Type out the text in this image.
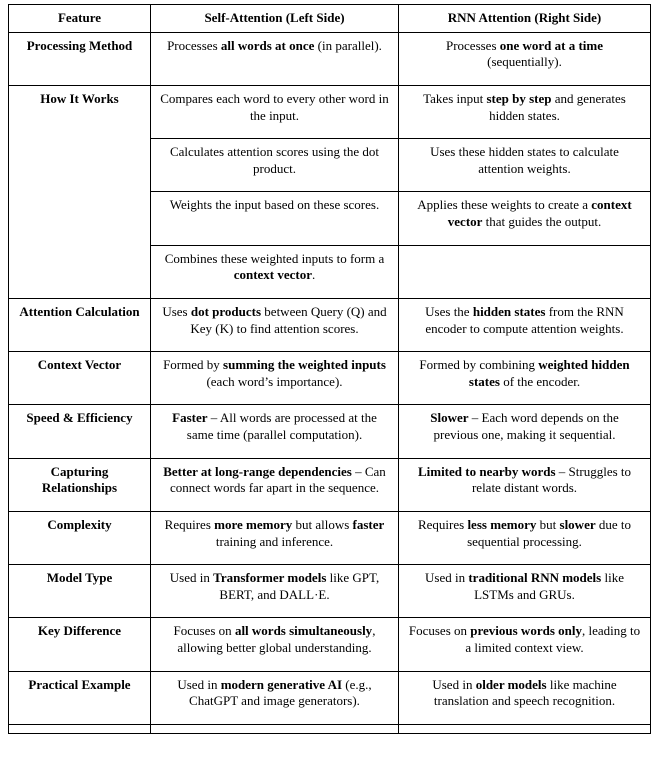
Feature	Self-Attention (Left Side)	RNN Attention (Right Side)
Processing Method	Processes all words at once (in parallel).	Processes one word at a time (sequentially).
How It Works	Compares each word to every other word in the input.	Takes input step by step and generates hidden states.
	Calculates attention scores using the dot product.	Uses these hidden states to calculate attention weights.
	Weights the input based on these scores.	Applies these weights to create a context vector that guides the output.
	Combines these weighted inputs to form a context vector.	
Attention Calculation	Uses dot products between Query (Q) and Key (K) to find attention scores.	Uses the hidden states from the RNN encoder to compute attention weights.
Context Vector	Formed by summing the weighted inputs (each word’s importance).	Formed by combining weighted hidden states of the encoder.
Speed & Efficiency	Faster – All words are processed at the same time (parallel computation).	Slower – Each word depends on the previous one, making it sequential.
Capturing Relationships	Better at long-range dependencies – Can connect words far apart in the sequence.	Limited to nearby words – Struggles to relate distant words.
Complexity	Requires more memory but allows faster training and inference.	Requires less memory but slower due to sequential processing.
Model Type	Used in Transformer models like GPT, BERT, and DALL·E.	Used in traditional RNN models like LSTMs and GRUs.
Key Difference	Focuses on all words simultaneously, allowing better global understanding.	Focuses on previous words only, leading to a limited context view.
Practical Example	Used in modern generative AI (e.g., ChatGPT and image generators).	Used in older models like machine translation and speech recognition.
